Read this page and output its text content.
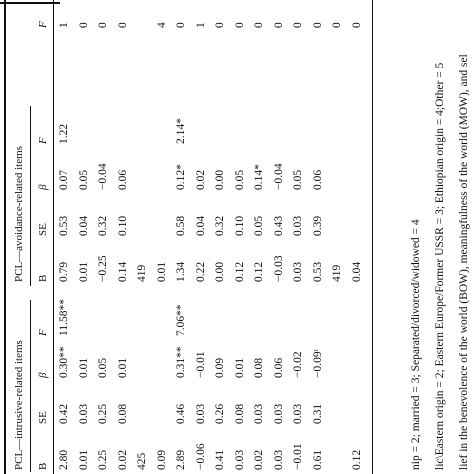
PCL—intrusive-related items
PCL—avoidance-related items
B
SE
β
F
B
SE
β
F
F
2.80
0.42
0.30**
11.58**
0.79
0.53
0.07
1.22
1
0.01
0.03
0.01
0.01
0.04
0.05
0
0.25
0.25
0.05
−0.25
0.32
−0.04
0
0.02
0.08
0.01
0.14
0.10
0.06
0
425
419
0.09
0.01
4
2.89
0.46
0.31**
7.06**
1.34
0.58
0.12*
2.14*
0
−0.06
0.03
−0.01
0.22
0.04
0.02
1
0.41
0.26
0.09
0.00
0.32
0.00
0
0.03
0.08
0.01
0.12
0.10
0.05
0
0.02
0.03
0.08
0.12
0.05
0.14*
0
0.03
0.03
0.06
−0.03
0.43
−0.04
0
−0.01
0.03
−0.02
0.03
0.03
0.05
0
0.61
0.31
−0.09ᵗ
0.53
0.39
0.06
0
419
0
0.12
0.04
0
nip = 2; married = 3; Separated/divorced/widowed = 4 lic\Eastern origin = 2; Eastern Europe/Former USSR = 3; Ethiopian origin = 4;Other = 5 lief in the benevolence of the world (BOW), meaningfulness of the world (MOW), and sel
